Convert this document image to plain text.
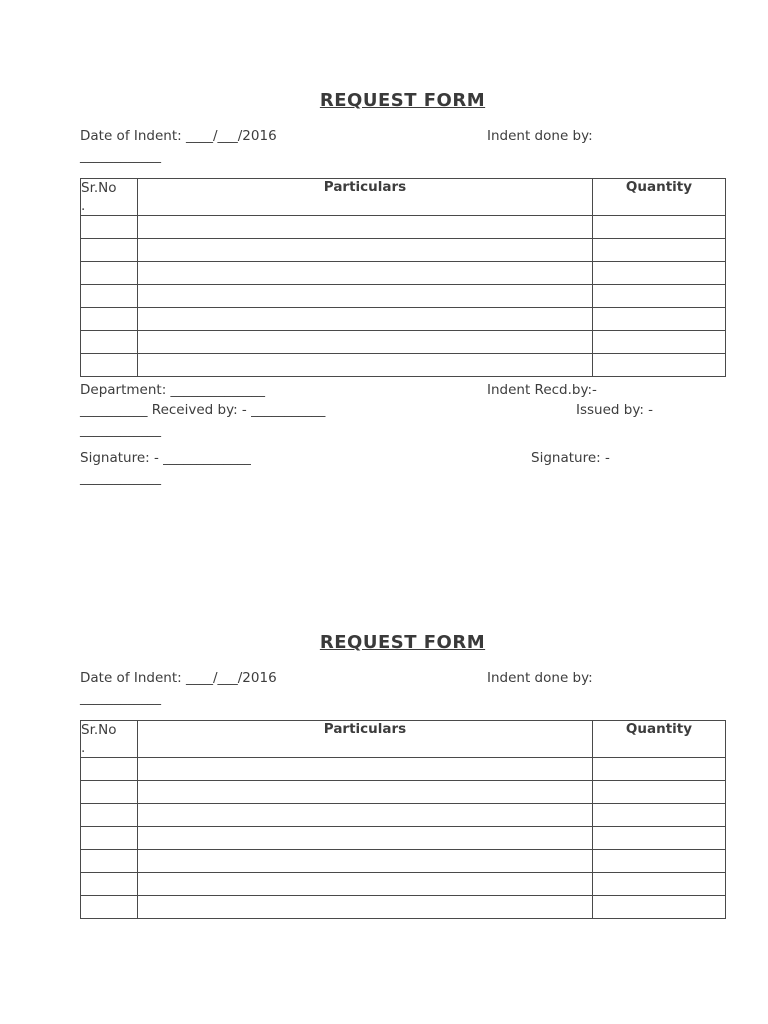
REQUEST FORM
Date of Indent: ____/___/2016	Indent done by:
____________
Sr.No
.	Particulars	Quantity

Department: ______________	Indent Recd.by:-
__________ Received by: - ___________	Issued by: -
____________
Signature: - _____________	Signature: -
____________
REQUEST FORM
Date of Indent: ____/___/2016	Indent done by:
____________
Sr.No
.	Particulars	Quantity
